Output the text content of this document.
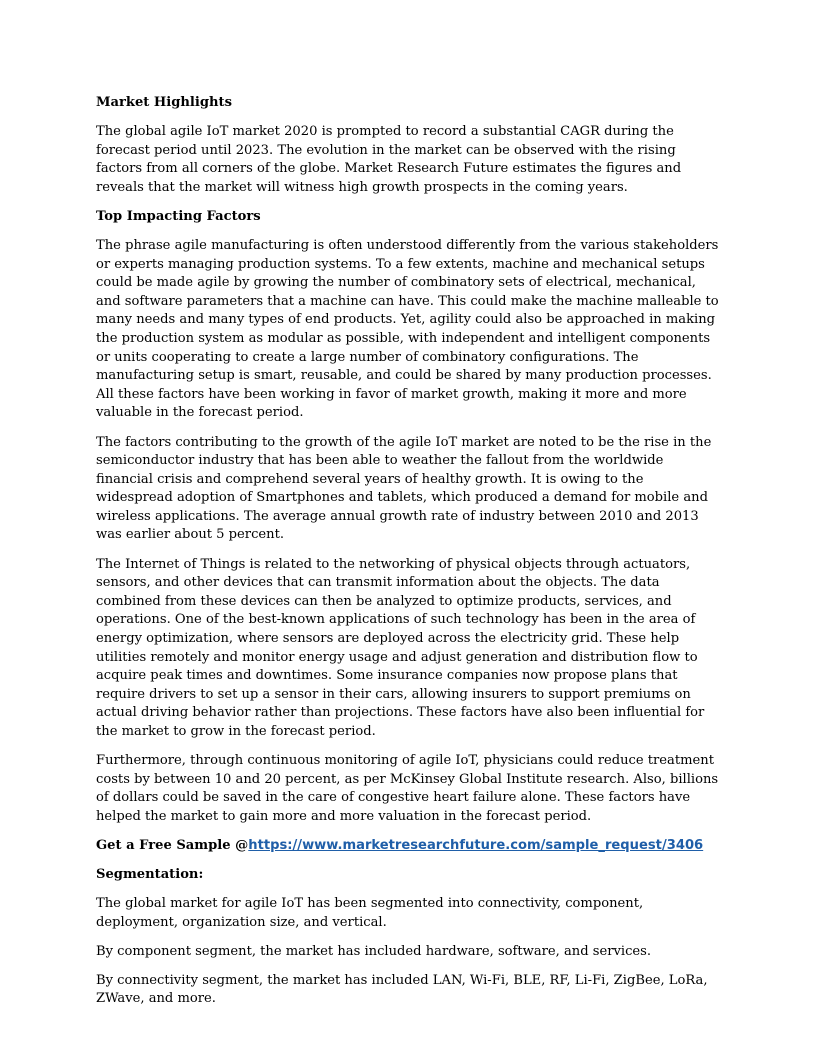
Market Highlights

The global agile IoT market 2020 is prompted to record a substantial CAGR during the forecast period until 2023. The evolution in the market can be observed with the rising factors from all corners of the globe. Market Research Future estimates the figures and reveals that the market will witness high growth prospects in the coming years.

Top Impacting Factors

The phrase agile manufacturing is often understood differently from the various stakeholders or experts managing production systems. To a few extents, machine and mechanical setups could be made agile by growing the number of combinatory sets of electrical, mechanical, and software parameters that a machine can have. This could make the machine malleable to many needs and many types of end products. Yet, agility could also be approached in making the production system as modular as possible, with independent and intelligent components or units cooperating to create a large number of combinatory configurations. The manufacturing setup is smart, reusable, and could be shared by many production processes. All these factors have been working in favor of market growth, making it more and more valuable in the forecast period.

The factors contributing to the growth of the agile IoT market are noted to be the rise in the semiconductor industry that has been able to weather the fallout from the worldwide financial crisis and comprehend several years of healthy growth. It is owing to the widespread adoption of Smartphones and tablets, which produced a demand for mobile and wireless applications. The average annual growth rate of industry between 2010 and 2013 was earlier about 5 percent.

The Internet of Things is related to the networking of physical objects through actuators, sensors, and other devices that can transmit information about the objects. The data combined from these devices can then be analyzed to optimize products, services, and operations. One of the best-known applications of such technology has been in the area of energy optimization, where sensors are deployed across the electricity grid. These help utilities remotely and monitor energy usage and adjust generation and distribution flow to acquire peak times and downtimes. Some insurance companies now propose plans that require drivers to set up a sensor in their cars, allowing insurers to support premiums on actual driving behavior rather than projections. These factors have also been influential for the market to grow in the forecast period.

Furthermore, through continuous monitoring of agile IoT, physicians could reduce treatment costs by between 10 and 20 percent, as per McKinsey Global Institute research. Also, billions of dollars could be saved in the care of congestive heart failure alone. These factors have helped the market to gain more and more valuation in the forecast period.

Get a Free Sample @https://www.marketresearchfuture.com/sample_request/3406

Segmentation:

The global market for agile IoT has been segmented into connectivity, component, deployment, organization size, and vertical.

By component segment, the market has included hardware, software, and services.

By connectivity segment, the market has included LAN, Wi-Fi, BLE, RF, Li-Fi, ZigBee, LoRa, ZWave, and more.
